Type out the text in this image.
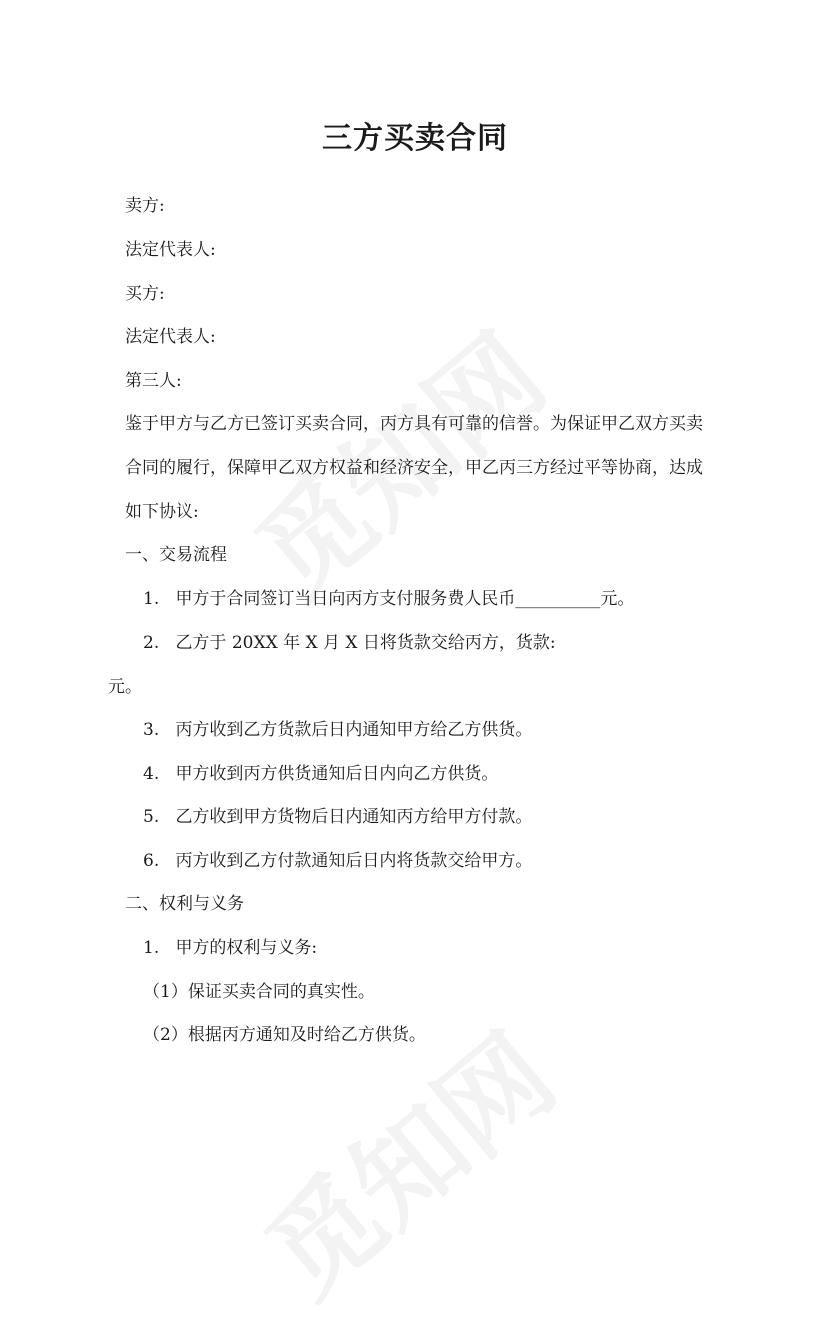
三方买卖合同
卖方:
法定代表人:
买方:
法定代表人:
第三人:
鉴于甲方与乙方已签订买卖合同，丙方具有可靠的信誉。为保证甲乙双方买卖
合同的履行，保障甲乙双方权益和经济安全，甲乙丙三方经过平等协商，达成
如下协议:
一、交易流程
1.   甲方于合同签订当日向丙方支付服务费人民币__________元。
2.   乙方于 20XX 年 X 月 X 日将货款交给丙方，货款:
元。
3.   丙方收到乙方货款后日内通知甲方给乙方供货。
4.   甲方收到丙方供货通知后日内向乙方供货。
5.   乙方收到甲方货物后日内通知丙方给甲方付款。
6.   丙方收到乙方付款通知后日内将货款交给甲方。
二、权利与义务
1.   甲方的权利与义务:
（1）保证买卖合同的真实性。
（2）根据丙方通知及时给乙方供货。
